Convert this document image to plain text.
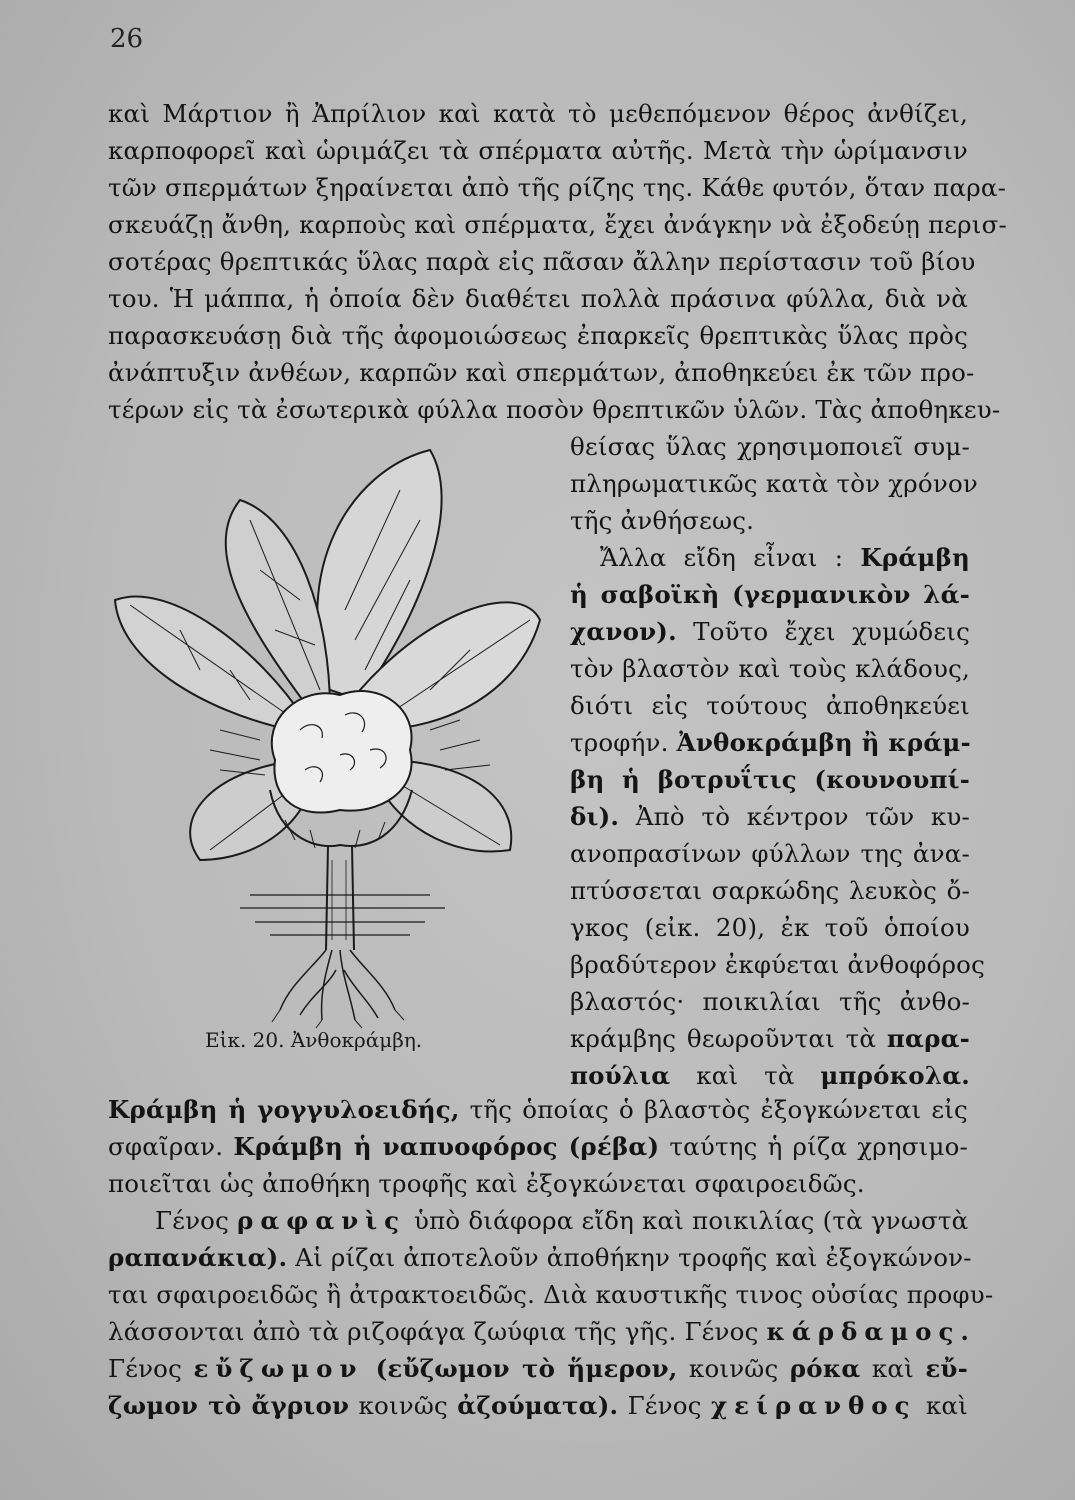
26
καὶ Μάρτιον ἢ Ἀπρίλιον καὶ κατὰ τὸ μεθεπόμενον θέρος ἀνθίζει,
καρποφορεῖ καὶ ὡριμάζει τὰ σπέρματα αὐτῆς. Μετὰ τὴν ὡρίμανσιν
τῶν σπερμάτων ξηραίνεται ἀπὸ τῆς ρίζης της. Κάθε φυτόν, ὅταν παρα-
σκευάζῃ ἄνθη, καρποὺς καὶ σπέρματα, ἔχει ἀνάγκην νὰ ἐξοδεύῃ περισ-
σοτέρας θρεπτικάς ὕλας παρὰ εἰς πᾶσαν ἄλλην περίστασιν τοῦ βίου
του. Ἡ μάππα, ἡ ὁποία δὲν διαθέτει πολλὰ πράσινα φύλλα, διὰ νὰ
παρασκευάσῃ διὰ τῆς ἀφομοιώσεως ἐπαρκεῖς θρεπτικὰς ὕλας πρὸς
ἀνάπτυξιν ἀνθέων, καρπῶν καὶ σπερμάτων, ἀποθηκεύει ἐκ τῶν προ-
τέρων εἰς τὰ ἐσωτερικὰ φύλλα ποσὸν θρεπτικῶν ὑλῶν. Τὰς ἀποθηκευ-
θείσας ὕλας χρησιμοποιεῖ συμ-
πληρωματικῶς κατὰ τὸν χρόνον
τῆς ἀνθήσεως.
Ἄλλα εἴδη εἶναι : Κράμβη
ἡ σαβοϊκὴ (γερμανικὸν λά-
χανον). Τοῦτο ἔχει χυμώδεις
τὸν βλαστὸν καὶ τοὺς κλάδους,
διότι εἰς τούτους ἀποθηκεύει
τροφήν. Ἀνθοκράμβη ἢ κράμ-
βη ἡ βοτρυΐτις (κουνουπί-
δι). Ἀπὸ τὸ κέντρον τῶν κυ-
ανοπρασίνων φύλλων της ἀνα-
πτύσσεται σαρκώδης λευκὸς ὄ-
γκος (εἰκ. 20), ἐκ τοῦ ὁποίου
βραδύτερον ἐκφύεται ἀνθοφόρος
βλαστός· ποικιλίαι τῆς ἀνθο-
κράμβης θεωροῦνται τὰ παρα-
πούλια καὶ τὰ μπρόκολα.
Εἰκ. 20. Ἀνθοκράμβη.
Κράμβη ἡ γογγυλοειδής, τῆς ὁποίας ὁ βλαστὸς ἐξογκώνεται εἰς
σφαῖραν. Κράμβη ἡ ναπυοφόρος (ρέβα) ταύτης ἡ ρίζα χρησιμο-
ποιεῖται ὡς ἀποθήκη τροφῆς καὶ ἐξογκώνεται σφαιροειδῶς.
Γένος ραφανὶς ὑπὸ διάφορα εἴδη καὶ ποικιλίας (τὰ γνωστὰ
ραπανάκια). Αἱ ρίζαι ἀποτελοῦν ἀποθήκην τροφῆς καὶ ἐξογκώνον-
ται σφαιροειδῶς ἢ ἀτρακτοειδῶς. Διὰ καυστικῆς τινος οὐσίας προφυ-
λάσσονται ἀπὸ τὰ ριζοφάγα ζωύφια τῆς γῆς. Γένος κάρδαμος.
Γένος εὔζωμον (εὔζωμον τὸ ἥμερον, κοινῶς ρόκα καὶ εὔ-
ζωμον τὸ ἄγριον κοινῶς ἀζούματα). Γένος χείρανθος καὶ
